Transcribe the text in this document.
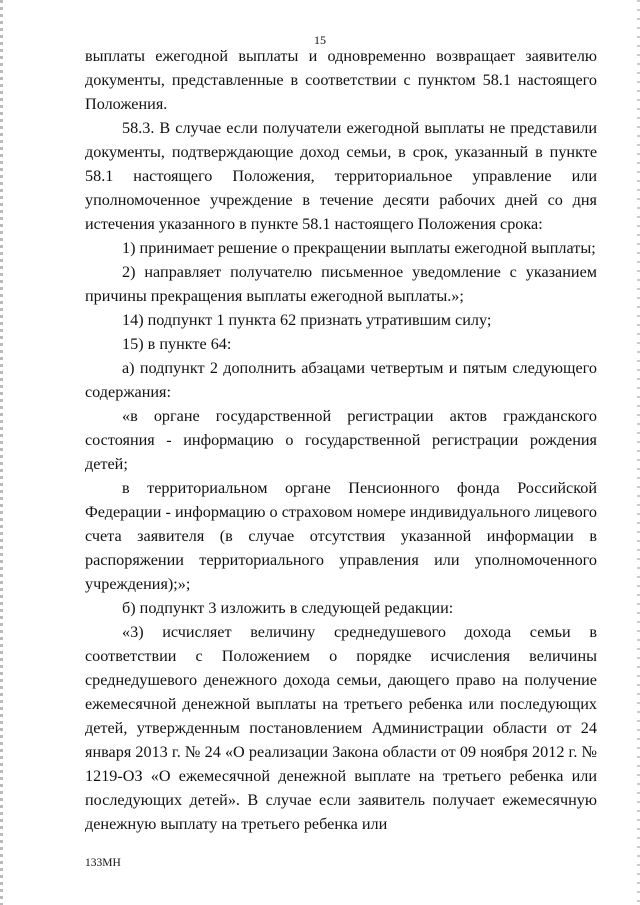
15

выплаты ежегодной выплаты и одновременно возвращает заявителю документы, представленные в соответствии с пунктом 58.1 настоящего Положения.

58.3. В случае если получатели ежегодной выплаты не представили документы, подтверждающие доход семьи, в срок, указанный в пункте 58.1 настоящего Положения, территориальное управление или уполномоченное учреждение в течение десяти рабочих дней со дня истечения указанного в пункте 58.1 настоящего Положения срока:

1) принимает решение о прекращении выплаты ежегодной выплаты;

2) направляет получателю письменное уведомление с указанием причины прекращения выплаты ежегодной выплаты.»;

14) подпункт 1 пункта 62 признать утратившим силу;

15) в пункте 64:

а) подпункт 2 дополнить абзацами четвертым и пятым следующего содержания:

«в органе государственной регистрации актов гражданского состояния - информацию о государственной регистрации рождения детей;

в территориальном органе Пенсионного фонда Российской Федерации - информацию о страховом номере индивидуального лицевого счета заявителя (в случае отсутствия указанной информации в распоряжении территориального управления или уполномоченного учреждения);»;

б) подпункт 3 изложить в следующей редакции:

«3) исчисляет величину среднедушевого дохода семьи в соответствии с Положением о порядке исчисления величины среднедушевого денежного дохода семьи, дающего право на получение ежемесячной денежной выплаты на третьего ребенка или последующих детей, утвержденным постановлением Администрации области от 24 января 2013 г. № 24 «О реализации Закона области от 09 ноября 2012 г. № 1219-ОЗ «О ежемесячной денежной выплате на третьего ребенка или последующих детей». В случае если заявитель получает ежемесячную денежную выплату на третьего ребенка или

133МН
